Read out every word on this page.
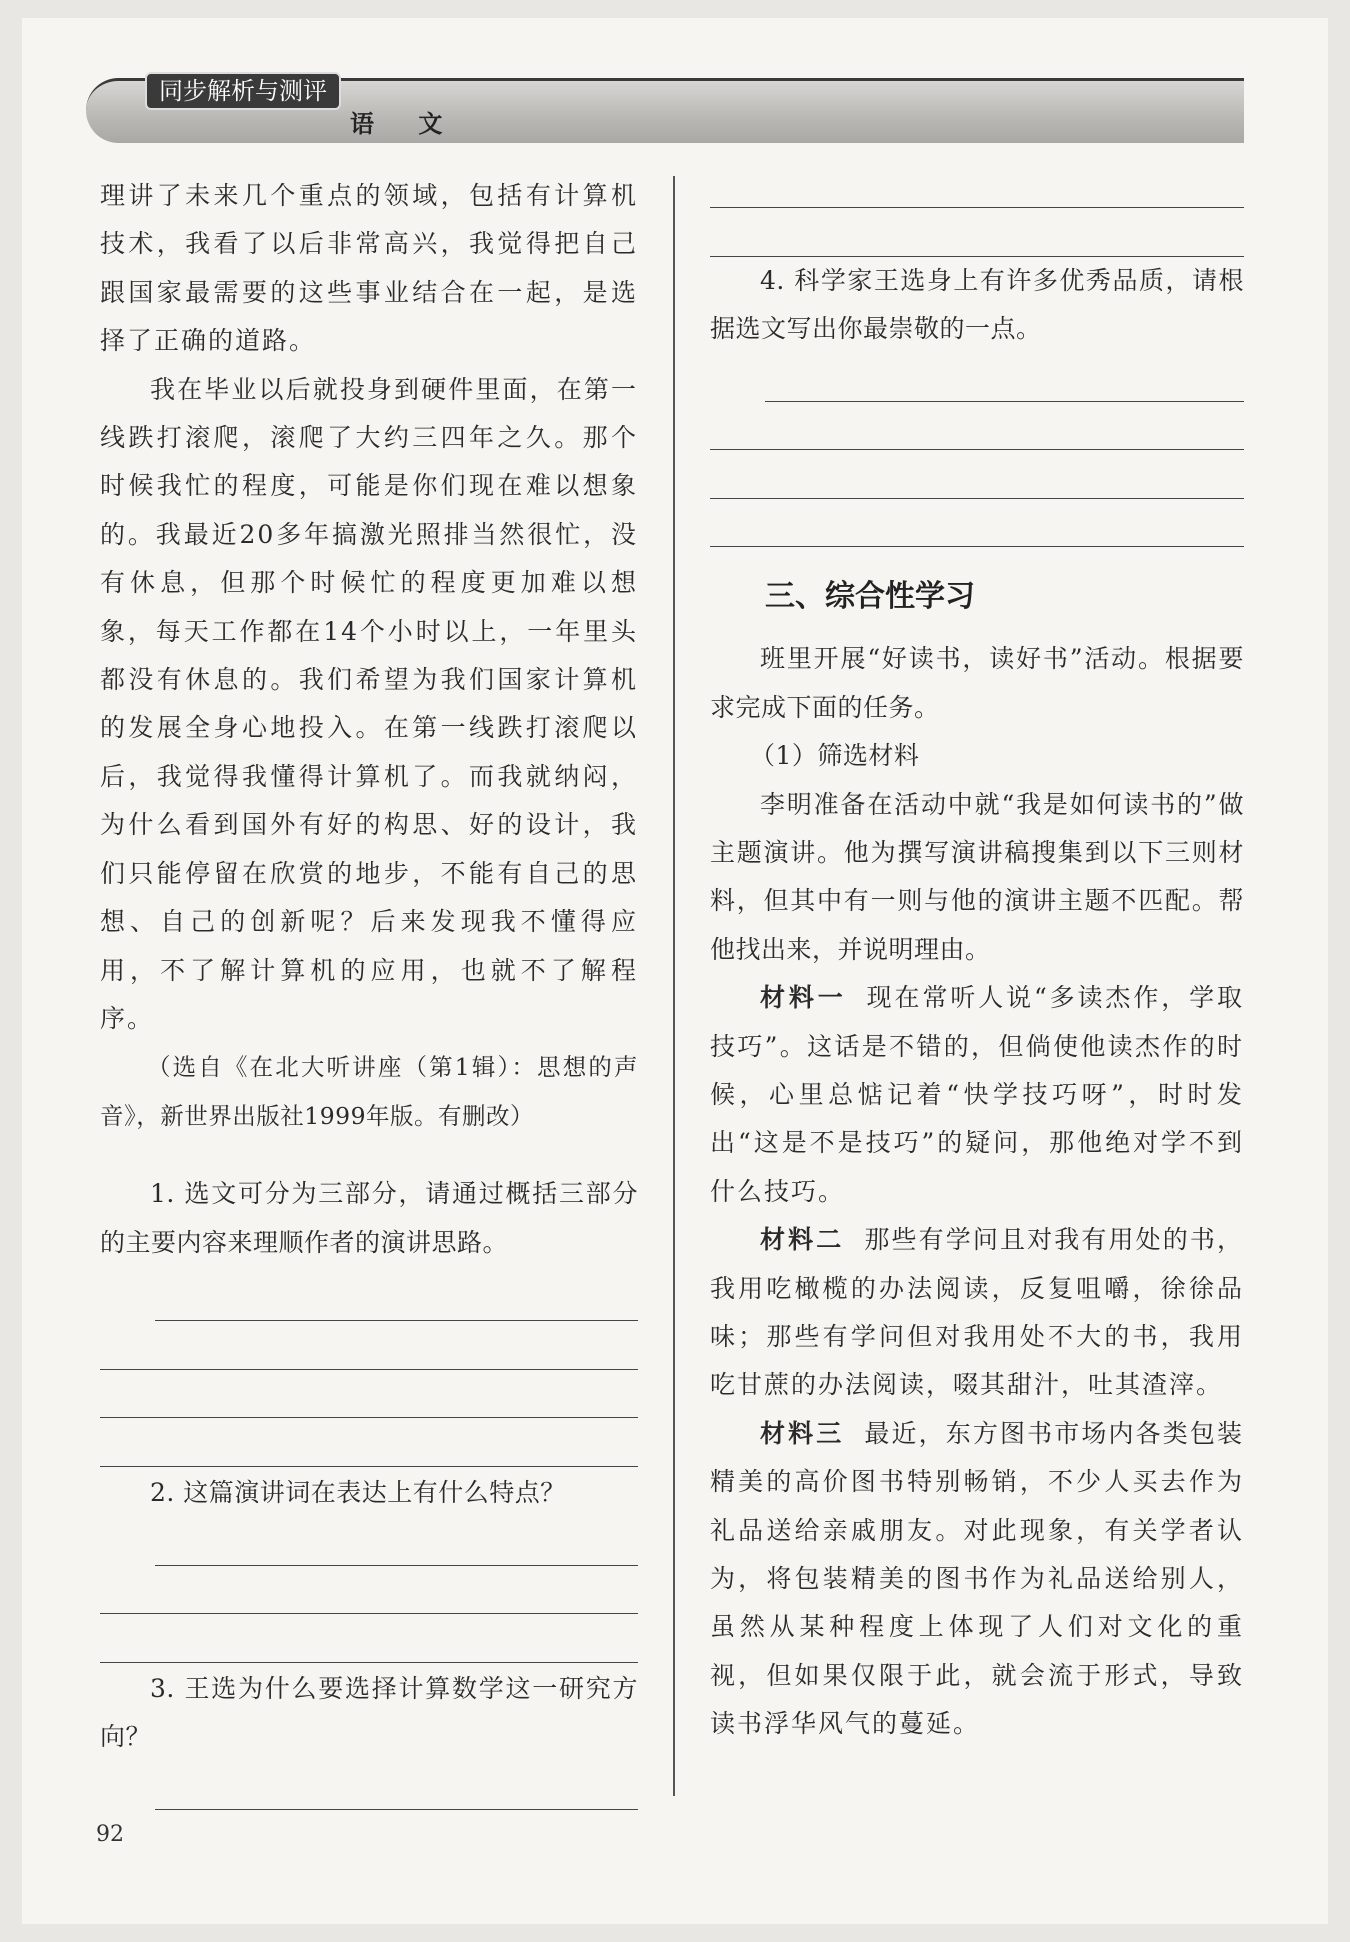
同步解析与测评
语 文

理讲了未来几个重点的领域，包括有计算机技术，我看了以后非常高兴，我觉得把自己跟国家最需要的这些事业结合在一起，是选择了正确的道路。

我在毕业以后就投身到硬件里面，在第一线跌打滚爬，滚爬了大约三四年之久。那个时候我忙的程度，可能是你们现在难以想象的。我最近20多年搞激光照排当然很忙，没有休息，但那个时候忙的程度更加难以想象，每天工作都在14个小时以上，一年里头都没有休息的。我们希望为我们国家计算机的发展全身心地投入。在第一线跌打滚爬以后，我觉得我懂得计算机了。而我就纳闷，为什么看到国外有好的构思、好的设计，我们只能停留在欣赏的地步，不能有自己的思想、自己的创新呢？后来发现我不懂得应用，不了解计算机的应用，也就不了解程序。

（选自《在北大听讲座（第1辑）：思想的声音》，新世界出版社1999年版。有删改）

1. 选文可分为三部分，请通过概括三部分的主要内容来理顺作者的演讲思路。

2. 这篇演讲词在表达上有什么特点？

3. 王选为什么要选择计算数学这一研究方向？

4. 科学家王选身上有许多优秀品质，请根据选文写出你最崇敬的一点。

三、综合性学习

班里开展“好读书，读好书”活动。根据要求完成下面的任务。

（1）筛选材料

李明准备在活动中就“我是如何读书的”做主题演讲。他为撰写演讲稿搜集到以下三则材料，但其中有一则与他的演讲主题不匹配。帮他找出来，并说明理由。

材料一 现在常听人说“多读杰作，学取技巧”。这话是不错的，但倘使他读杰作的时候，心里总惦记着“快学技巧呀”，时时发出“这是不是技巧”的疑问，那他绝对学不到什么技巧。

材料二 那些有学问且对我有用处的书，我用吃橄榄的办法阅读，反复咀嚼，徐徐品味；那些有学问但对我用处不大的书，我用吃甘蔗的办法阅读，啜其甜汁，吐其渣滓。

材料三 最近，东方图书市场内各类包装精美的高价图书特别畅销，不少人买去作为礼品送给亲戚朋友。对此现象，有关学者认为，将包装精美的图书作为礼品送给别人，虽然从某种程度上体现了人们对文化的重视，但如果仅限于此，就会流于形式，导致读书浮华风气的蔓延。

92
